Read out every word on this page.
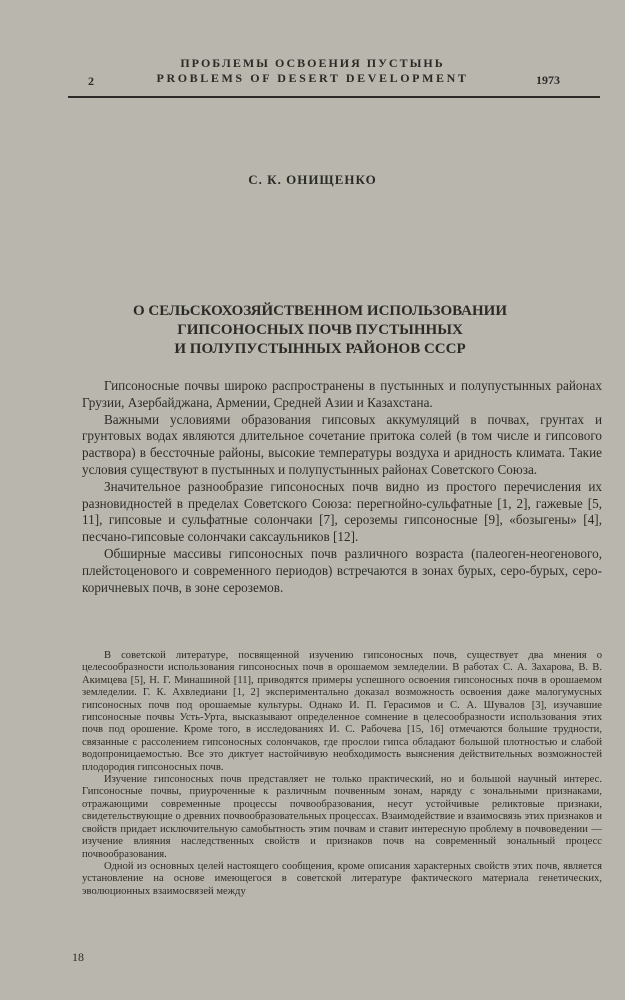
ПРОБЛЕМЫ ОСВОЕНИЯ ПУСТЫНЬ
2	PROBLEMS OF DESERT DEVELOPMENT	1973
С. К. ОНИЩЕНКО
О СЕЛЬСКОХОЗЯЙСТВЕННОМ ИСПОЛЬЗОВАНИИ
ГИПСОНОСНЫХ ПОЧВ ПУСТЫННЫХ
И ПОЛУПУСТЫННЫХ РАЙОНОВ СССР

Гипсоносные почвы широко распространены в пустынных и полупустынных районах Грузии, Азербайджана, Армении, Средней Азии и Казахстана.

Важными условиями образования гипсовых аккумуляций в почвах, грунтах и грунтовых водах являются длительное сочетание притока солей (в том числе и гипсового раствора) в бессточные районы, высокие температуры воздуха и аридность климата. Такие условия существуют в пустынных и полупустынных районах Советского Союза.

Значительное разнообразие гипсоносных почв видно из простого перечисления их разновидностей в пределах Советского Союза: перегнойно-сульфатные [1, 2], гажевые [5, 11], гипсовые и сульфатные солончаки [7], сероземы гипсоносные [9], «бозыгены» [4], песчано-гипсовые солончаки саксаульников [12].

Обширные массивы гипсоносных почв различного возраста (палеоген-неогенового, плейстоценового и современного периодов) встречаются в зонах бурых, серо-бурых, серо-коричневых почв, в зоне сероземов.

В советской литературе, посвященной изучению гипсоносных почв, существует два мнения о целесообразности использования гипсоносных почв в орошаемом земледелии. В работах С. А. Захарова, В. В. Акимцева [5], Н. Г. Минашиной [11], приводятся примеры успешного освоения гипсоносных почв в орошаемом земледелии. Г. К. Ахвледиани [1, 2] экспериментально доказал возможность освоения даже малогумусных гипсоносных почв под орошаемые культуры. Однако И. П. Герасимов и С. А. Шувалов [3], изучавшие гипсоносные почвы Усть-Урта, высказывают определенное сомнение в целесообразности использования этих почв под орошение. Кроме того, в исследованиях И. С. Рабочева [15, 16] отмечаются большие трудности, связанные с рассолением гипсоносных солончаков, где прослои гипса обладают большой плотностью и слабой водопроницаемостью. Все это диктует настойчивую необходимость выяснения действительных возможностей плодородия гипсоносных почв.

Изучение гипсоносных почв представляет не только практический, но и большой научный интерес. Гипсоносные почвы, приуроченные к различным почвенным зонам, наряду с зональными признаками, отражающими современные процессы почвообразования, несут устойчивые реликтовые признаки, свидетельствующие о древних почвообразовательных процессах. Взаимодействие и взаимосвязь этих признаков и свойств придает исключительную самобытность этим почвам и ставит интересную проблему в почвоведении — изучение влияния наследственных свойств и признаков почв на современный зональный процесс почвообразования.

Одной из основных целей настоящего сообщения, кроме описания характерных свойств этих почв, является установление на основе имеющегося в советской литературе фактического материала генетических, эволюционных взаимосвязей между

18
